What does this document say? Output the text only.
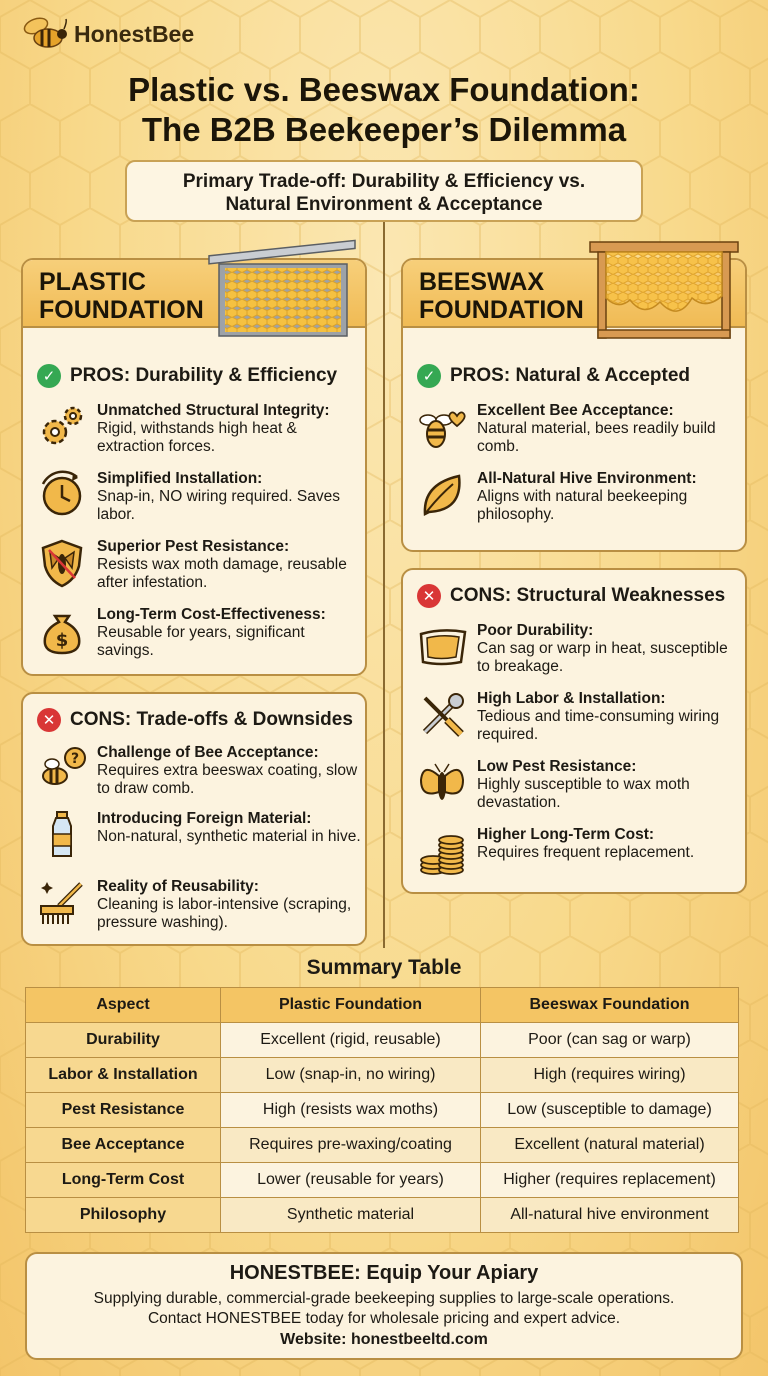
HonestBee
Plastic vs. Beeswax Foundation:
The B2B Beekeeper’s Dilemma
Primary Trade-off: Durability & Efficiency vs.
Natural Environment & Acceptance
PLASTIC
FOUNDATION
✓ PROS: Durability & Efficiency
Unmatched Structural Integrity:
Rigid, withstands high heat & extraction forces.
Simplified Installation:
Snap-in, NO wiring required. Saves labor.
Superior Pest Resistance:
Resists wax moth damage, reusable after infestation.
$
Long-Term Cost-Effectiveness:
Reusable for years, significant savings.
✕ CONS: Trade-offs & Downsides
? Challenge of Bee Acceptance:
Requires extra beeswax coating, slow to draw comb.
Introducing Foreign Material:
Non-natural, synthetic material in hive.
Reality of Reusability:
Cleaning is labor-intensive (scraping, pressure washing).
BEESWAX
FOUNDATION
✓ PROS: Natural & Accepted
Excellent Bee Acceptance:
Natural material, bees readily build comb.
All-Natural Hive Environment:
Aligns with natural beekeeping philosophy.
✕ CONS: Structural Weaknesses
Poor Durability:
Can sag or warp in heat, susceptible to breakage.
High Labor & Installation:
Tedious and time-consuming wiring required.
Low Pest Resistance:
Highly susceptible to wax moth devastation.
Higher Long-Term Cost:
Requires frequent replacement.
Summary Table
Aspect	Plastic Foundation	Beeswax Foundation
Durability	Excellent (rigid, reusable)	Poor (can sag or warp)
Labor & Installation	Low (snap-in, no wiring)	High (requires wiring)
Pest Resistance	High (resists wax moths)	Low (susceptible to damage)
Bee Acceptance	Requires pre-waxing/coating	Excellent (natural material)
Long-Term Cost	Lower (reusable for years)	Higher (requires replacement)
Philosophy	Synthetic material	All-natural hive environment
HONESTBEE: Equip Your Apiary
Supplying durable, commercial-grade beekeeping supplies to large-scale operations.
Contact HONESTBEE today for wholesale pricing and expert advice.
Website: honestbeeltd.com
